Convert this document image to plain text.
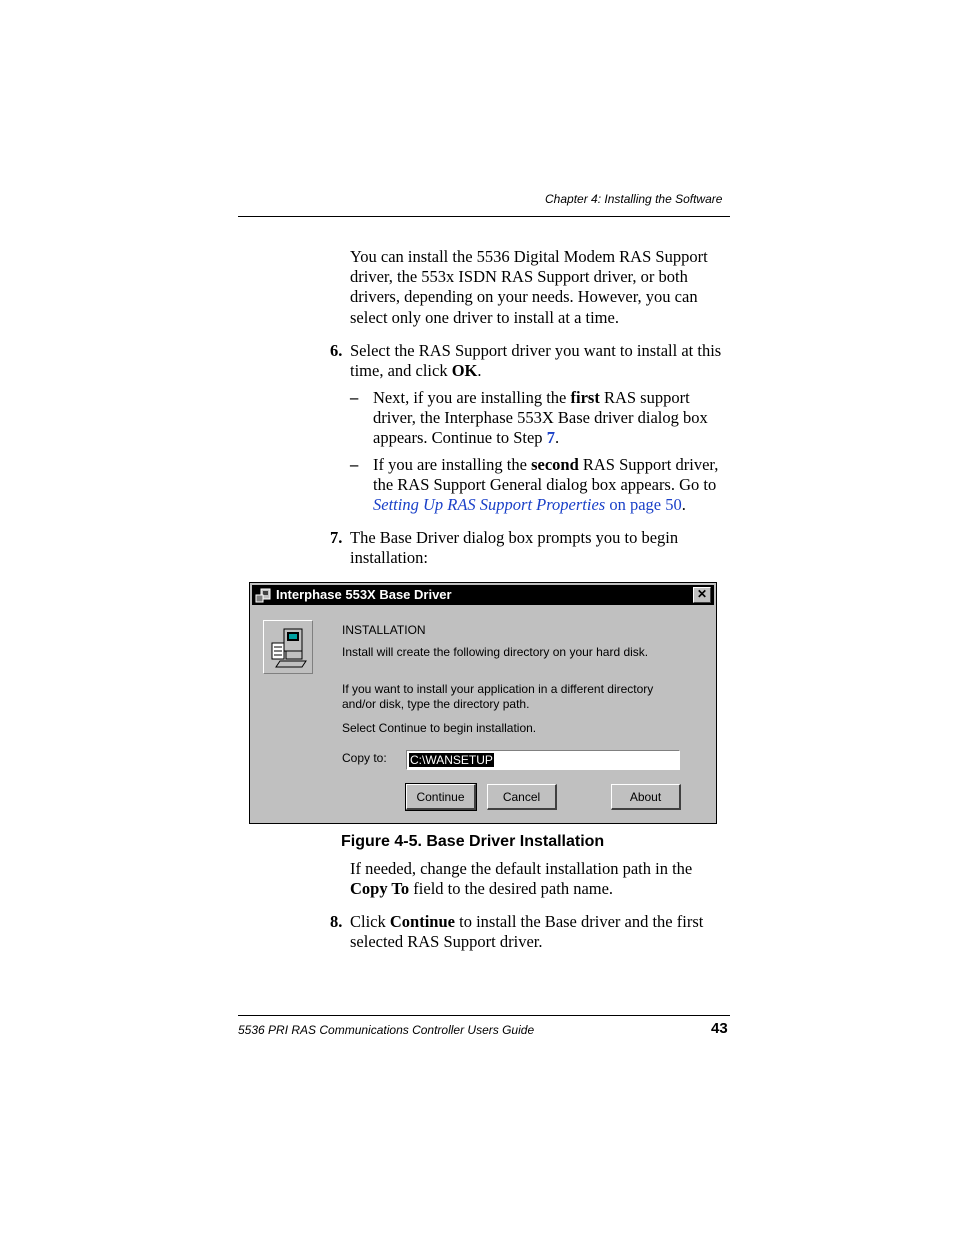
Chapter 4: Installing the Software
You can install the 5536 Digital Modem RAS Support
driver, the 553x ISDN RAS Support driver, or both
drivers, depending on your needs. However, you can
select only one driver to install at a time.
6. Select the RAS Support driver you want to install at this
time, and click OK.
– Next, if you are installing the first RAS support
driver, the Interphase 553X Base driver dialog box
appears. Continue to Step 7.
– If you are installing the second RAS Support driver,
the RAS Support General dialog box appears. Go to
Setting Up RAS Support Properties on page 50.
7. The Base Driver dialog box prompts you to begin
installation:
Interphase 553X Base Driver	✕
INSTALLATION
Install will create the following directory on your hard disk.
If you want to install your application in a different directory
and/or disk, type the directory path.
Select Continue to begin installation.
Copy to: C:\WANSETUP
Continue	Cancel	About
Figure 4-5. Base Driver Installation
If needed, change the default installation path in the
Copy To field to the desired path name.
8. Click Continue to install the Base driver and the first
selected RAS Support driver.
5536 PRI RAS Communications Controller Users Guide	43
